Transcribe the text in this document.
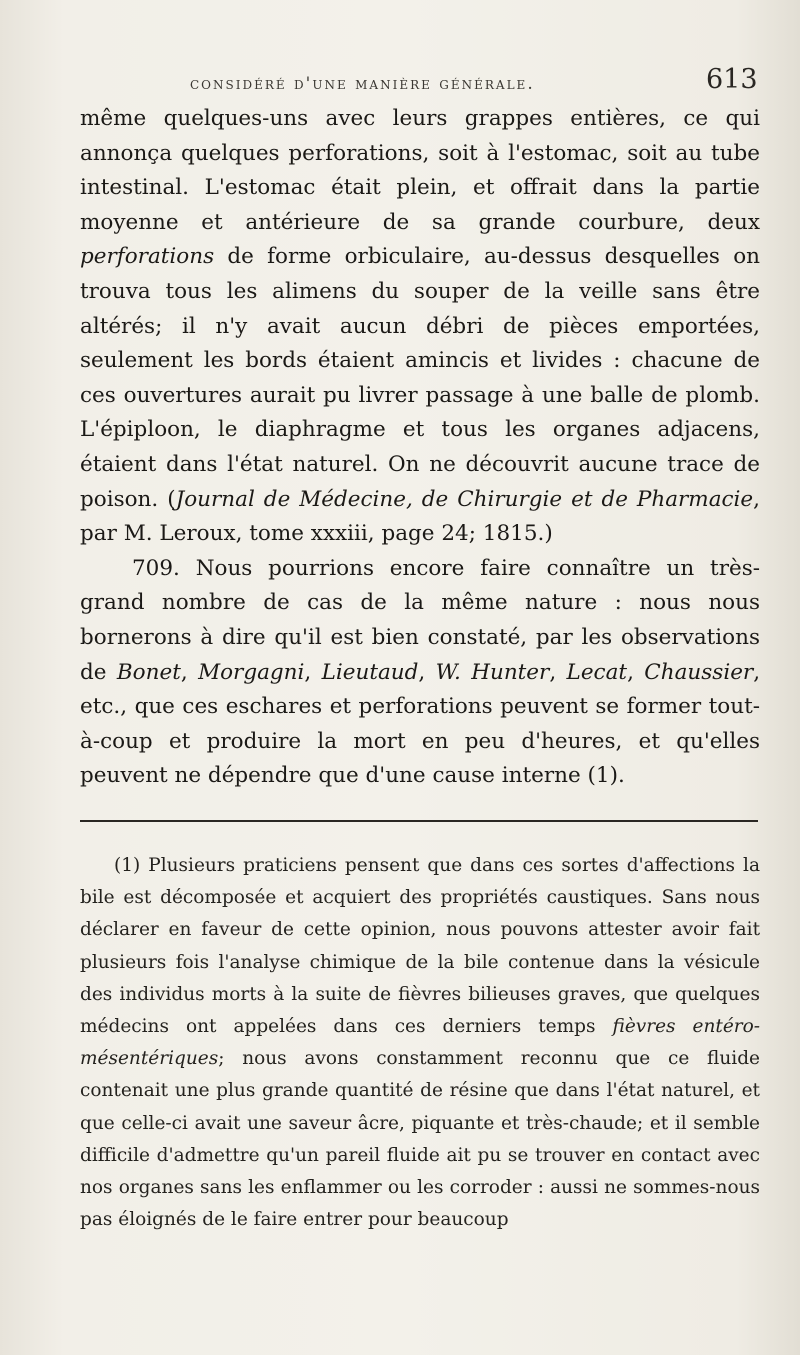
considéré d'une manière générale.	613

même quelques-uns avec leurs grappes entières, ce qui annonça quelques perforations, soit à l'estomac, soit au tube intestinal. L'estomac était plein, et offrait dans la partie moyenne et antérieure de sa grande courbure, deux perforations de forme orbiculaire, au-dessus desquelles on trouva tous les alimens du souper de la veille sans être altérés; il n'y avait aucun débri de pièces emportées, seulement les bords étaient amincis et livides : chacune de ces ouvertures aurait pu livrer passage à une balle de plomb. L'épiploon, le diaphragme et tous les organes adjacens, étaient dans l'état naturel. On ne découvrit aucune trace de poison. (Journal de Médecine, de Chirurgie et de Pharmacie, par M. Leroux, tome xxxiii, page 24; 1815.)

709. Nous pourrions encore faire connaître un très-grand nombre de cas de la même nature : nous nous bornerons à dire qu'il est bien constaté, par les observations de Bonet, Morgagni, Lieutaud, W. Hunter, Lecat, Chaussier, etc., que ces eschares et perforations peuvent se former tout-à-coup et produire la mort en peu d'heures, et qu'elles peuvent ne dépendre que d'une cause interne (1).

(1) Plusieurs praticiens pensent que dans ces sortes d'affections la bile est décomposée et acquiert des propriétés caustiques. Sans nous déclarer en faveur de cette opinion, nous pouvons attester avoir fait plusieurs fois l'analyse chimique de la bile contenue dans la vésicule des individus morts à la suite de fièvres bilieuses graves, que quelques médecins ont appelées dans ces derniers temps fièvres entéro-mésentériques; nous avons constamment reconnu que ce fluide contenait une plus grande quantité de résine que dans l'état naturel, et que celle-ci avait une saveur âcre, piquante et très-chaude; et il semble difficile d'admettre qu'un pareil fluide ait pu se trouver en contact avec nos organes sans les enflammer ou les corroder : aussi ne sommes-nous pas éloignés de le faire entrer pour beaucoup
